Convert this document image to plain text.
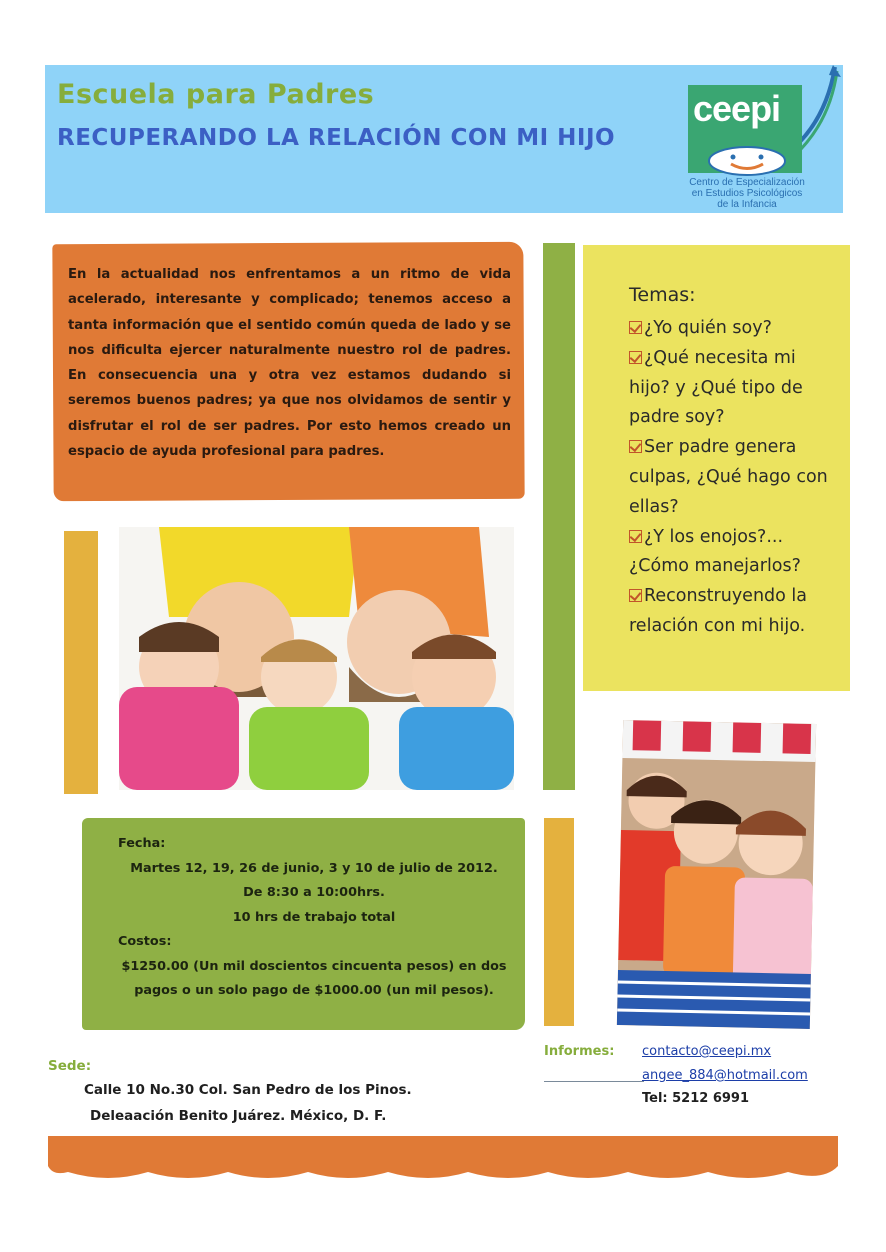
Escuela para Padres
RECUPERANDO LA RELACIÓN CON MI HIJO
ceepi
Centro de Especialización
en Estudios Psicológicos
de la Infancia
En la actualidad nos enfrentamos a un ritmo de vida acelerado, interesante y complicado; tenemos acceso a tanta información que el sentido común queda de lado y se nos dificulta ejercer naturalmente nuestro rol de padres. En consecuencia una y otra vez estamos dudando si seremos buenos padres; ya que nos olvidamos de sentir y disfrutar el rol de ser padres. Por esto hemos creado un espacio de ayuda profesional para padres.
Temas:
¿Yo quién soy?
¿Qué necesita mi hijo? y ¿Qué tipo de padre soy?
Ser padre genera culpas, ¿Qué hago con ellas?
¿Y los enojos?... ¿Cómo manejarlos?
Reconstruyendo la relación con mi hijo.
Fecha:
Martes 12, 19, 26 de junio, 3 y 10 de julio de 2012.
De 8:30 a 10:00hrs.
10 hrs de trabajo total
Costos:
$1250.00 (Un mil doscientos cincuenta pesos) en dos
pagos o un solo pago de $1000.00 (un mil pesos).
Sede:
Calle 10 No.30 Col. San Pedro de los Pinos.
Deleaación Benito Juárez. México, D. F.
Informes: contacto@ceepi.mx
angee_884@hotmail.com
Tel: 5212 6991
